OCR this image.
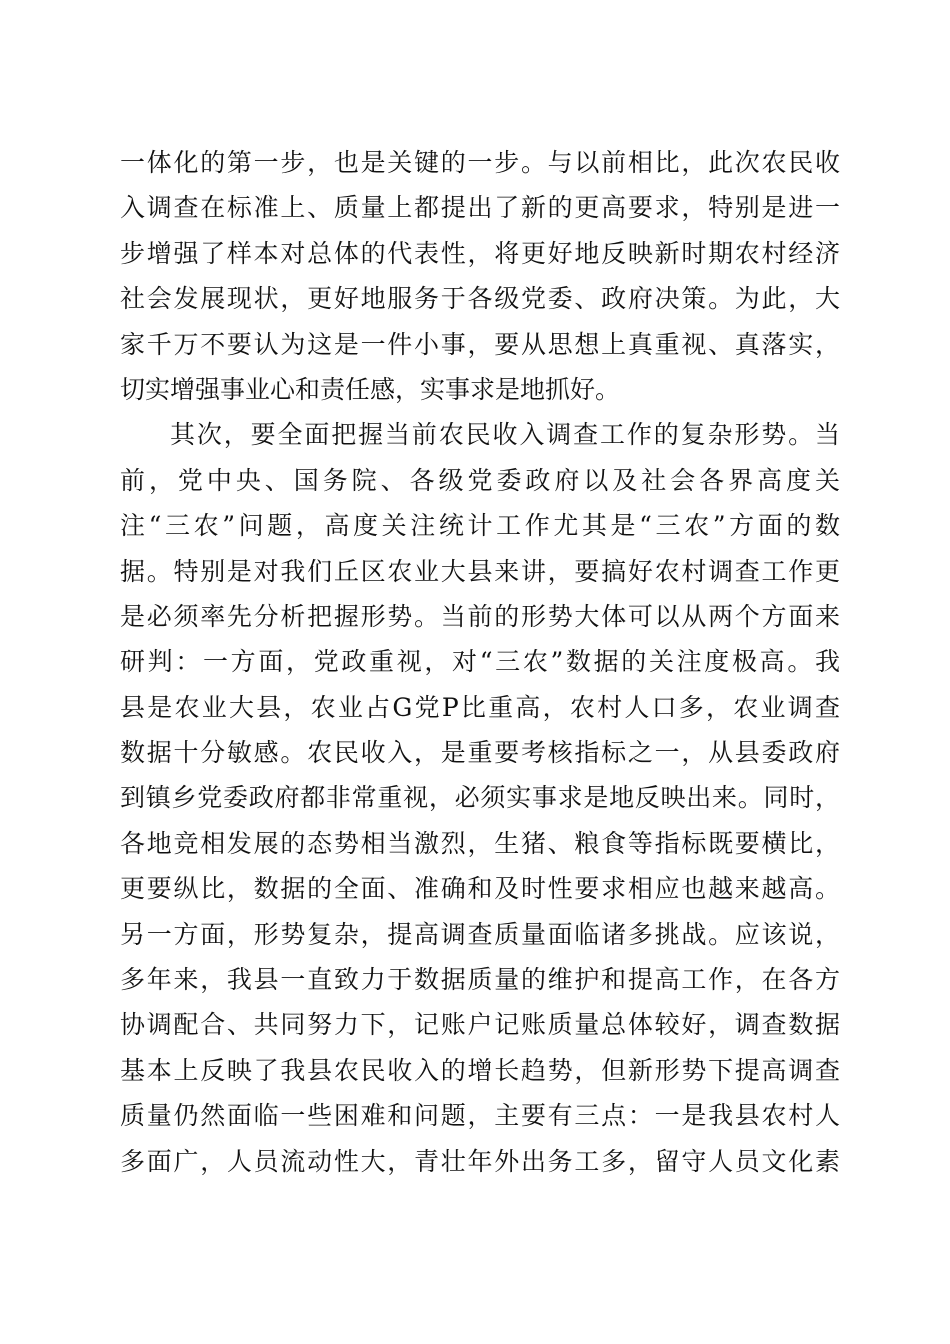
一体化的第一步，也是关键的一步。与以前相比，此次农民收
入调查在标准上、质量上都提出了新的更高要求，特别是进一
步增强了样本对总体的代表性，将更好地反映新时期农村经济
社会发展现状，更好地服务于各级党委、政府决策。为此，大
家千万不要认为这是一件小事，要从思想上真重视、真落实，
切实增强事业心和责任感，实事求是地抓好。
其次，要全面把握当前农民收入调查工作的复杂形势。当
前，党中央、国务院、各级党委政府以及社会各界高度关
注“三农”问题，高度关注统计工作尤其是“三农”方面的数
据。特别是对我们丘区农业大县来讲，要搞好农村调查工作更
是必须率先分析把握形势。当前的形势大体可以从两个方面来
研判：一方面，党政重视，对“三农”数据的关注度极高。我
县是农业大县，农业占G党P比重高，农村人口多，农业调查
数据十分敏感。农民收入，是重要考核指标之一，从县委政府
到镇乡党委政府都非常重视，必须实事求是地反映出来。同时，
各地竞相发展的态势相当激烈，生猪、粮食等指标既要横比，
更要纵比，数据的全面、准确和及时性要求相应也越来越高。
另一方面，形势复杂，提高调查质量面临诸多挑战。应该说，
多年来，我县一直致力于数据质量的维护和提高工作，在各方
协调配合、共同努力下，记账户记账质量总体较好，调查数据
基本上反映了我县农民收入的增长趋势，但新形势下提高调查
质量仍然面临一些困难和问题，主要有三点：一是我县农村人
多面广，人员流动性大，青壮年外出务工多，留守人员文化素
